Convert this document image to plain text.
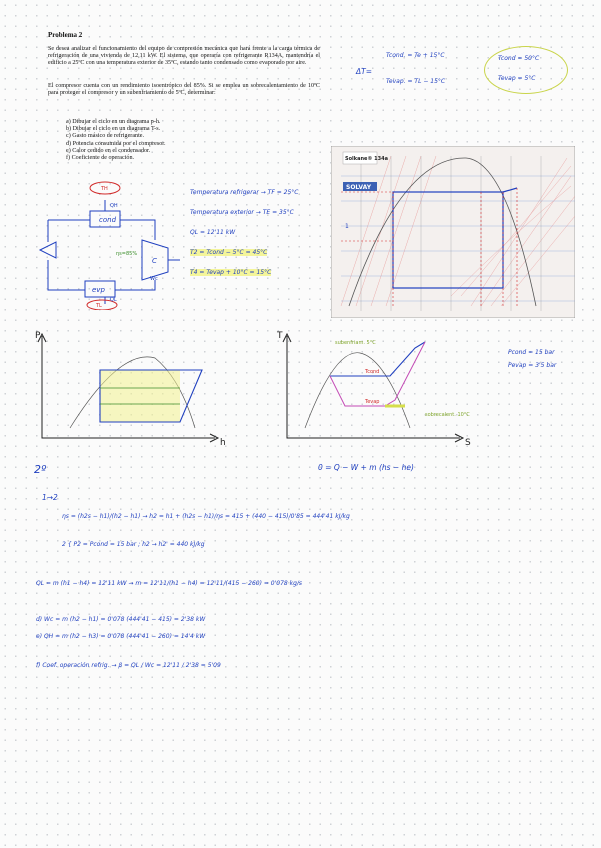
Problema 2
Se desea analizar el funcionamiento del equipo de compresión mecánica que hará frente a la carga térmica de refrigeración de una vivienda de 12,11 kW. El sistema, que operaría con refrigerante R134A, mantendría el edificio a 25ºC con una temperatura exterior de 35ºC, estando tanto condensado como evaporado por aire.
El compresor cuenta con un rendimiento isoentrópico del 85%. Si se emplea un sobrecalentamiento de 10ºC para proteger el compresor y un subenfriamiento de 5ºC, determinar:
a) Dibujar el ciclo en un diagrama p-h.
b) Dibujar el ciclo en un diagrama T-s.
c) Gasto másico de refrigerante.
d) Potencia consumida por el compresor.
e) Calor cedido en el condensador.
f) Coeficiente de operación.
ΔT=
Tcond. = Te + 15°C
Tevap. = TL − 15°C
Tcond = 50°C
Tevap = 5°C
1
Solkane® 134a
SOLVAY
Temperatura refrigerar → TF = 25°C
Temperatura exterior → TE = 35°C
QL = 12'11 kW
T2 = Tcond − 5°C = 45°C
T4 = Tevap + 10°C = 15°C
cond
evp
C
QH
QL
TH
TL
ηs=85%
Wc
P
h
T
S
subenfriam. 5°C
sobrecalent. 10°C
Tcond
Tevap
Pcond = 15 bar
Pevap = 3'5 bar
2º	0 = Q − W + m (hs − he)
1→2
ηs = (h2s − h1)/(h2 − h1) → h2 = h1 + (h2s − h1)/ηs = 415 + (440 − 415)/0'85 = 444'41 kJ/kg
2 { P2 = Pcond = 15 bar ; h2 → h2' = 440 kJ/kg
QL = m (h1 − h4) = 12'11 kW → m = 12'11/(h1 − h4) = 12'11/(415 − 260) = 0'078 kg/s
d) Wc = m (h2 − h1) = 0'078 (444'41 − 415) = 2'38 kW
e) QH = m (h2 − h3) = 0'078 (444'41 − 260) = 14'4 kW
f) Coef. operación refrig. → β = QL / Wc = 12'11 / 2'38 = 5'09
